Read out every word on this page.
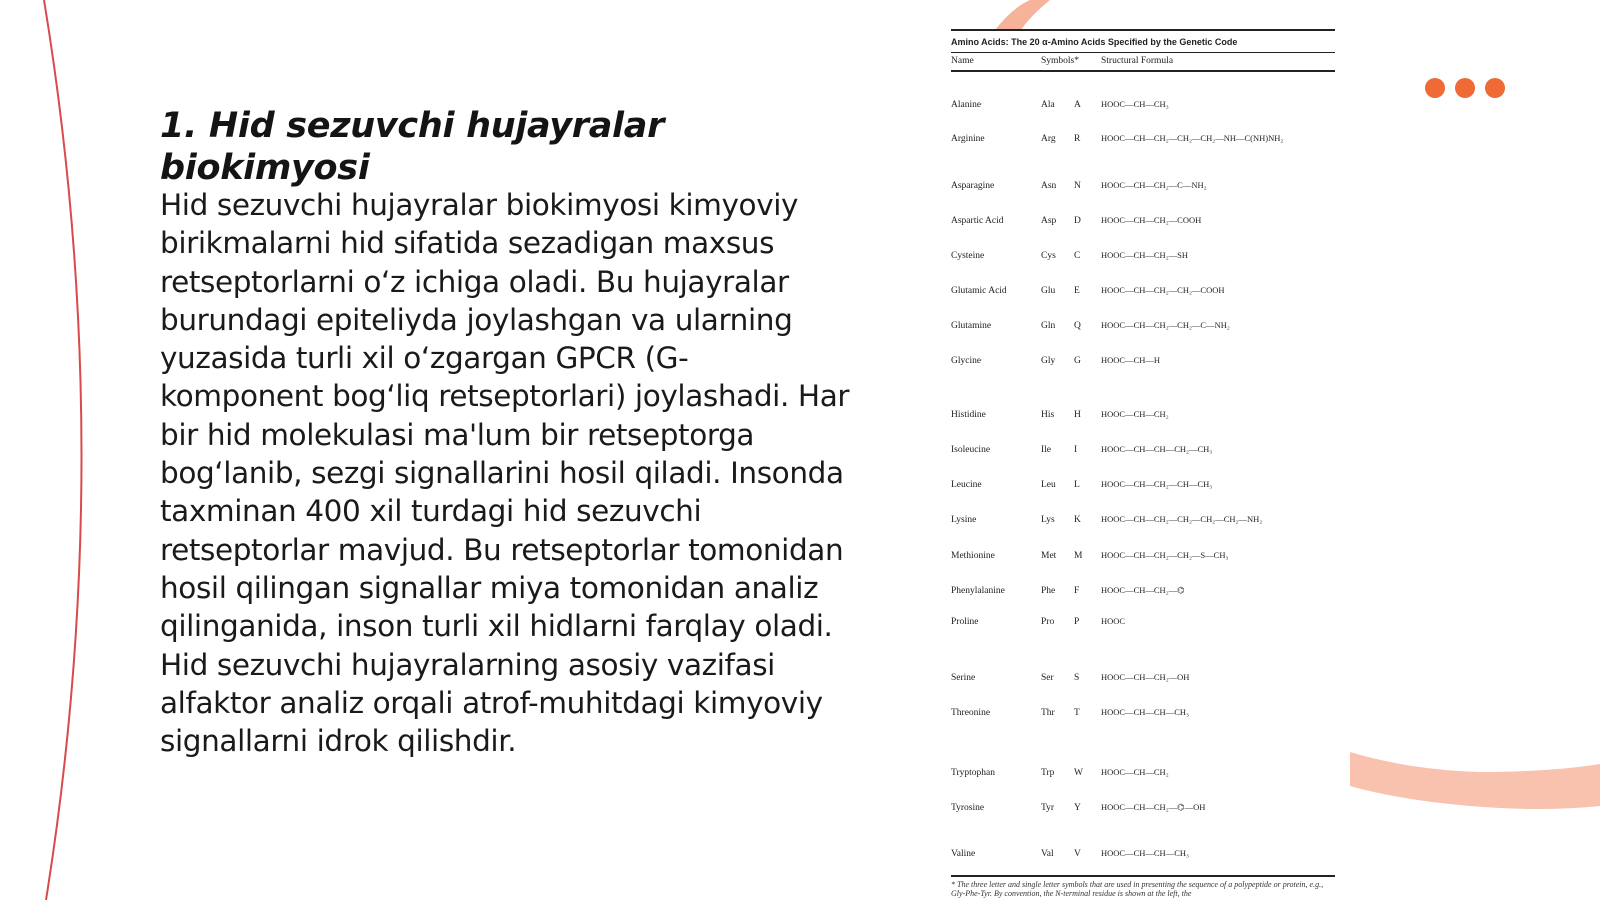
1. Hid sezuvchi hujayralar biokimyosi

Hid sezuvchi hujayralar biokimyosi kimyoviy birikmalarni hid sifatida sezadigan maxsus retseptorlarni o‘z ichiga oladi. Bu hujayralar burundagi epiteliyda joylashgan va ularning yuzasida turli xil o‘zgargan GPCR (G-komponent bog‘liq retseptorlari) joylashadi. Har bir hid molekulasi ma'lum bir retseptorga bog‘lanib, sezgi signallarini hosil qiladi. Insonda taxminan 400 xil turdagi hid sezuvchi retseptorlar mavjud. Bu retseptorlar tomonidan hosil qilingan signallar miya tomonidan analiz qilinganida, inson turli xil hidlarni farqlay oladi. Hid sezuvchi hujayralarning asosiy vazifasi alfaktor analiz orqali atrof-muhitdagi kimyoviy signallarni idrok qilishdir.

Amino Acids: The 20 α-Amino Acids Specified by the Genetic Code
Name	Symbols*	Structural Formula
Alanine	Ala	A	HOOC—CH—CH₃
Arginine	Arg	R	HOOC—CH—CH₂—CH₂—CH₂—NH—C(NH)NH₂
Asparagine	Asn	N	HOOC—CH—CH₂—C—NH₂
Aspartic Acid	Asp	D	HOOC—CH—CH₂—COOH
Cysteine	Cys	C	HOOC—CH—CH₂—SH
Glutamic Acid	Glu	E	HOOC—CH—CH₂—CH₂—COOH
Glutamine	Gln	Q	HOOC—CH—CH₂—CH₂—C—NH₂
Glycine	Gly	G	HOOC—CH—H
Histidine	His	H	HOOC—CH—CH₂
Isoleucine	Ile	I	HOOC—CH—CH—CH₂—CH₃
Leucine	Leu	L	HOOC—CH—CH₂—CH—CH₃
Lysine	Lys	K	HOOC—CH—CH₂—CH₂—CH₂—CH₂—NH₂
Methionine	Met	M	HOOC—CH—CH₂—CH₂—S—CH₃
Phenylalanine	Phe	F	HOOC—CH—CH₂—⌬
Proline	Pro	P	HOOC
Serine	Ser	S	HOOC—CH—CH₂—OH
Threonine	Thr	T	HOOC—CH—CH—CH₃
Tryptophan	Trp	W	HOOC—CH—CH₂
Tyrosine	Tyr	Y	HOOC—CH—CH₂—⌬—OH
Valine	Val	V	HOOC—CH—CH—CH₃
* The three letter and single letter symbols that are used in presenting the sequence of a polypeptide or protein, e.g., Gly-Phe-Tyr. By convention, the N-terminal residue is shown at the left, the
